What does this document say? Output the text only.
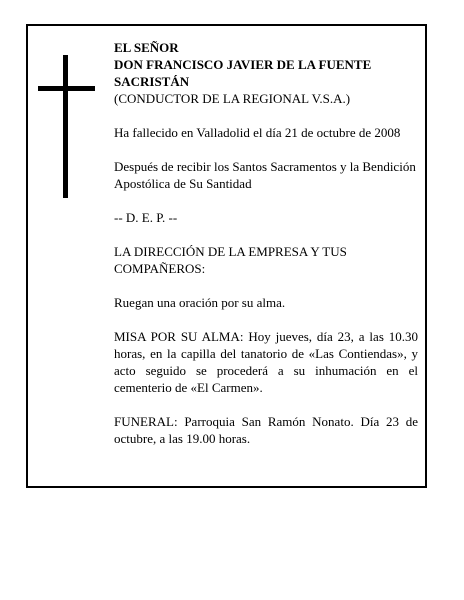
EL SEÑOR
DON FRANCISCO JAVIER DE LA FUENTE
SACRISTÁN
(CONDUCTOR DE LA REGIONAL V.S.A.)

Ha fallecido en Valladolid el día 21 de octubre de 2008

Después de recibir los Santos Sacramentos y la Bendición Apostólica de Su Santidad

-- D. E. P. --

LA DIRECCIÓN DE LA EMPRESA Y TUS COMPAÑEROS:

Ruegan una oración por su alma.

MISA POR SU ALMA: Hoy jueves, día 23, a las 10.30 horas, en la capilla del tanatorio de «Las Contiendas», y acto seguido se procederá a su inhumación en el cementerio de «El Carmen».

FUNERAL: Parroquia San Ramón Nonato. Día 23 de octubre, a las 19.00 horas.
